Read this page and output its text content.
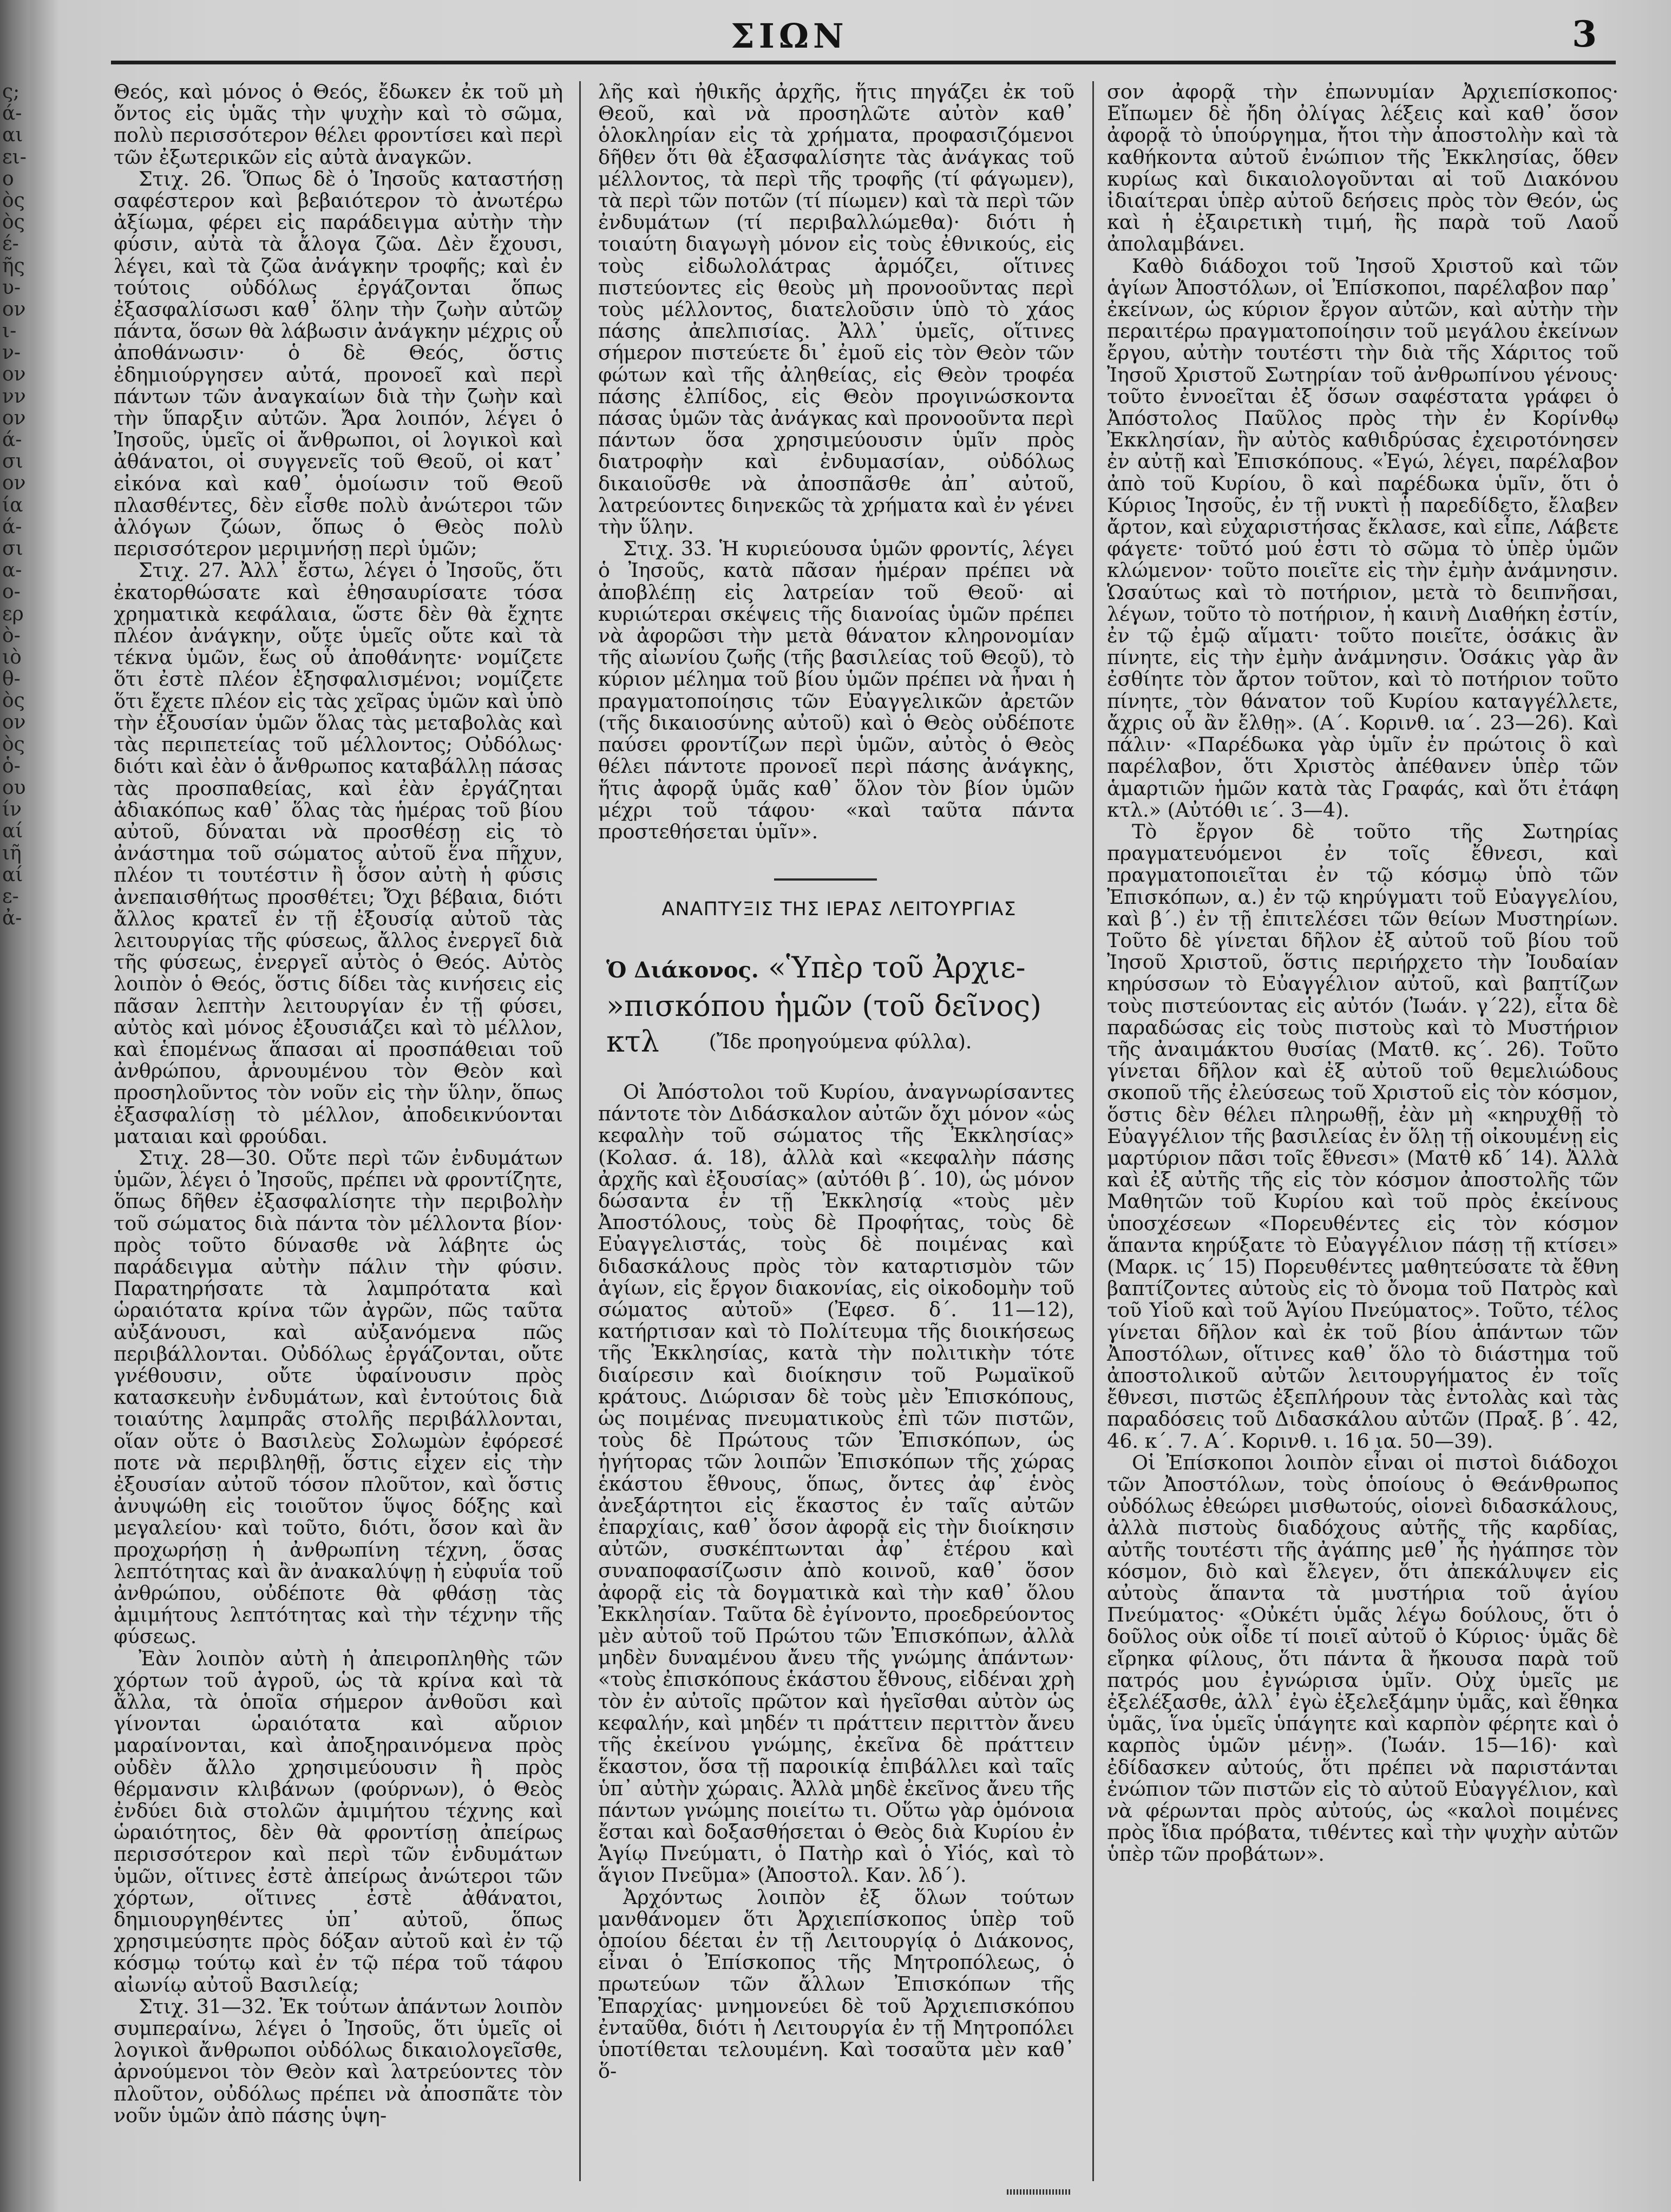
ς;
ά-
αι
ει-
ο
ὸς
ὸς
έ-
ῆς
υ-
ον
ι-
ν-
ον
νν
ον
ά-
σι
ον
ία
ά-
σι
α-
ο-
ερ
ὸ-
ιὸ
θ-
ὸς
ον
ὸς
ὁ-
ου
ίν
αί
ιῆ
αί
ε-
ἀ-
ΣΙΩΝ	3

Θεός, καὶ μόνος ὁ Θεός, ἔδωκεν ἐκ τοῦ μὴ ὄντος εἰς ὑμᾶς τὴν ψυχὴν καὶ τὸ σῶμα, πολὺ περισσότερον θέλει φροντίσει καὶ περὶ τῶν ἐξωτερικῶν εἰς αὐτὰ ἀναγκῶν.

Στιχ. 26. Ὅπως δὲ ὁ Ἰησοῦς καταστήσῃ σαφέστερον καὶ βεβαιότερον τὸ ἀνωτέρω ἀξίωμα, φέρει εἰς παράδειγμα αὐτὴν τὴν φύσιν, αὐτὰ τὰ ἄλογα ζῶα. Δὲν ἔχουσι, λέγει, καὶ τὰ ζῶα ἀνάγκην τροφῆς; καὶ ἐν τούτοις οὐδόλως ἐργάζονται ὅπως ἐξασφαλίσωσι καθ᾿ ὅλην τὴν ζωὴν αὐτῶν πάντα, ὅσων θὰ λάβωσιν ἀνάγκην μέχρις οὗ ἀποθάνωσιν· ὁ δὲ Θεός, ὅστις ἐδημιούργησεν αὐτά, προνοεῖ καὶ περὶ πάντων τῶν ἀναγκαίων διὰ τὴν ζωὴν καὶ τὴν ὕπαρξιν αὐτῶν. Ἄρα λοιπόν, λέγει ὁ Ἰησοῦς, ὑμεῖς οἱ ἄνθρωποι, οἱ λογικοὶ καὶ ἀθάνατοι, οἱ συγγενεῖς τοῦ Θεοῦ, οἱ κατ᾿ εἰκόνα καὶ καθ᾿ ὁμοίωσιν τοῦ Θεοῦ πλασθέντες, δὲν εἶσθε πολὺ ἀνώτεροι τῶν ἀλόγων ζώων, ὅπως ὁ Θεὸς πολὺ περισσότερον μεριμνήσῃ περὶ ὑμῶν;

Στιχ. 27. Ἀλλ᾿ ἔστω, λέγει ὁ Ἰησοῦς, ὅτι ἐκατορθώσατε καὶ ἐθησαυρίσατε τόσα χρηματικὰ κεφάλαια, ὥστε δὲν θὰ ἔχητε πλέον ἀνάγκην, οὔτε ὑμεῖς οὔτε καὶ τὰ τέκνα ὑμῶν, ἕως οὗ ἀποθάνητε· νομίζετε ὅτι ἐστὲ πλέον ἐξησφαλισμένοι; νομίζετε ὅτι ἔχετε πλέον εἰς τὰς χεῖρας ὑμῶν καὶ ὑπὸ τὴν ἐξουσίαν ὑμῶν ὅλας τὰς μεταβολὰς καὶ τὰς περιπετείας τοῦ μέλλοντος; Οὐδόλως· διότι καὶ ἐὰν ὁ ἄνθρωπος καταβάλλῃ πάσας τὰς προσπαθείας, καὶ ἐὰν ἐργάζηται ἀδιακόπως καθ᾿ ὅλας τὰς ἡμέρας τοῦ βίου αὐτοῦ, δύναται νὰ προσθέσῃ εἰς τὸ ἀνάστημα τοῦ σώματος αὐτοῦ ἕνα πῆχυν, πλέον τι τουτέστιν ἢ ὅσον αὐτὴ ἡ φύσις ἀνεπαισθήτως προσθέτει; Ὄχι βέβαια, διότι ἄλλος κρατεῖ ἐν τῇ ἐξουσίᾳ αὐτοῦ τὰς λειτουργίας τῆς φύσεως, ἄλλος ἐνεργεῖ διὰ τῆς φύσεως, ἐνεργεῖ αὐτὸς ὁ Θεός. Αὐτὸς λοιπὸν ὁ Θεός, ὅστις δίδει τὰς κινήσεις εἰς πᾶσαν λεπτὴν λειτουργίαν ἐν τῇ φύσει, αὐτὸς καὶ μόνος ἐξουσιάζει καὶ τὸ μέλλον, καὶ ἑπομένως ἅπασαι αἱ προσπάθειαι τοῦ ἀνθρώπου, ἀρνουμένου τὸν Θεὸν καὶ προσηλοῦντος τὸν νοῦν εἰς τὴν ὕλην, ὅπως ἐξασφαλίσῃ τὸ μέλλον, ἀποδεικνύονται ματαιαι καὶ φρούδαι.

Στιχ. 28—30. Οὔτε περὶ τῶν ἐνδυμάτων ὑμῶν, λέγει ὁ Ἰησοῦς, πρέπει νὰ φροντίζητε, ὅπως δῆθεν ἐξασφαλίσητε τὴν περιβολὴν τοῦ σώματος διὰ πάντα τὸν μέλλοντα βίον· πρὸς τοῦτο δύνασθε νὰ λάβητε ὡς παράδειγμα αὐτὴν πάλιν τὴν φύσιν. Παρατηρήσατε τὰ λαμπρότατα καὶ ὡραιότατα κρίνα τῶν ἀγρῶν, πῶς ταῦτα αὐξάνουσι, καὶ αὐξανόμενα πῶς περιβάλλονται. Οὐδόλως ἐργάζονται, οὔτε γνέθουσιν, οὔτε ὑφαίνουσιν πρὸς κατασκευὴν ἐνδυμάτων, καὶ ἐντούτοις διὰ τοιαύτης λαμπρᾶς στολῆς περιβάλλονται, οἵαν οὔτε ὁ Βασιλεὺς Σολωμὼν ἐφόρεσέ ποτε νὰ περιβληθῇ, ὅστις εἶχεν εἰς τὴν ἐξουσίαν αὐτοῦ τόσον πλοῦτον, καὶ ὅστις ἀνυψώθη εἰς τοιοῦτον ὕψος δόξης καὶ μεγαλείου· καὶ τοῦτο, διότι, ὅσον καὶ ἂν προχωρήσῃ ἡ ἀνθρωπίνη τέχνη, ὅσας λεπτότητας καὶ ἂν ἀνακαλύψῃ ἡ εὐφυΐα τοῦ ἀνθρώπου, οὐδέποτε θὰ φθάσῃ τὰς ἀμιμήτους λεπτότητας καὶ τὴν τέχνην τῆς φύσεως.

Ἐὰν λοιπὸν αὐτὴ ἡ ἀπειροπληθὴς τῶν χόρτων τοῦ ἀγροῦ, ὡς τὰ κρίνα καὶ τὰ ἄλλα, τὰ ὁποῖα σήμερον ἀνθοῦσι καὶ γίνονται ὡραιότατα καὶ αὔριον μαραίνονται, καὶ ἀποξηραινόμενα πρὸς οὐδὲν ἄλλο χρησιμεύουσιν ἢ πρὸς θέρμανσιν κλιβάνων (φούρνων), ὁ Θεὸς ἐνδύει διὰ στολῶν ἀμιμήτου τέχνης καὶ ὡραιότητος, δὲν θὰ φροντίσῃ ἀπείρως περισσότερον καὶ περὶ τῶν ἐνδυμάτων ὑμῶν, οἵτινες ἐστὲ ἀπείρως ἀνώτεροι τῶν χόρτων, οἵτινες ἐστὲ ἀθάνατοι, δημιουργηθέντες ὑπ᾿ αὐτοῦ, ὅπως χρησιμεύσητε πρὸς δόξαν αὐτοῦ καὶ ἐν τῷ κόσμῳ τούτῳ καὶ ἐν τῷ πέρα τοῦ τάφου αἰωνίῳ αὐτοῦ Βασιλείᾳ;

Στιχ. 31—32. Ἐκ τούτων ἁπάντων λοιπὸν συμπεραίνω, λέγει ὁ Ἰησοῦς, ὅτι ὑμεῖς οἱ λογικοὶ ἄνθρωποι οὐδόλως δικαιολογεῖσθε, ἀρνούμενοι τὸν Θεὸν καὶ λατρεύοντες τὸν πλοῦτον, οὐδόλως πρέπει νὰ ἀποσπᾶτε τὸν νοῦν ὑμῶν ἀπὸ πάσης ὑψη-

λῆς καὶ ἠθικῆς ἀρχῆς, ἥτις πηγάζει ἐκ τοῦ Θεοῦ, καὶ νὰ προσηλῶτε αὐτὸν καθ᾿ ὁλοκληρίαν εἰς τὰ χρήματα, προφασιζόμενοι δῆθεν ὅτι θὰ ἐξασφαλίσητε τὰς ἀνάγκας τοῦ μέλλοντος, τὰ περὶ τῆς τροφῆς (τί φάγωμεν), τὰ περὶ τῶν ποτῶν (τί πίωμεν) καὶ τὰ περὶ τῶν ἐνδυμάτων (τί περιβαλλώμεθα)· διότι ἡ τοιαύτη διαγωγὴ μόνον εἰς τοὺς ἐθνικούς, εἰς τοὺς εἰδωλολάτρας ἁρμόζει, οἵτινες πιστεύοντες εἰς θεοὺς μὴ προνοοῦντας περὶ τοὺς μέλλοντος, διατελοῦσιν ὑπὸ τὸ χάος πάσης ἀπελπισίας. Ἀλλ᾿ ὑμεῖς, οἵτινες σήμερον πιστεύετε δι᾿ ἐμοῦ εἰς τὸν Θεὸν τῶν φώτων καὶ τῆς ἀληθείας, εἰς Θεὸν τροφέα πάσης ἐλπίδος, εἰς Θεὸν προγινώσκοντα πάσας ὑμῶν τὰς ἀνάγκας καὶ προνοοῦντα περὶ πάντων ὅσα χρησιμεύουσιν ὑμῖν πρὸς διατροφὴν καὶ ἐνδυμασίαν, οὐδόλως δικαιοῦσθε νὰ ἀποσπᾶσθε ἀπ᾿ αὐτοῦ, λατρεύοντες διηνεκῶς τὰ χρήματα καὶ ἐν γένει τὴν ὕλην.

Στιχ. 33. Ἡ κυριεύουσα ὑμῶν φροντίς, λέγει ὁ Ἰησοῦς, κατὰ πᾶσαν ἡμέραν πρέπει νὰ ἀποβλέπῃ εἰς λατρείαν τοῦ Θεοῦ· αἱ κυριώτεραι σκέψεις τῆς διανοίας ὑμῶν πρέπει νὰ ἀφορῶσι τὴν μετὰ θάνατον κληρονομίαν τῆς αἰωνίου ζωῆς (τῆς βασιλείας τοῦ Θεοῦ), τὸ κύριον μέλημα τοῦ βίου ὑμῶν πρέπει νὰ ἦναι ἡ πραγματοποίησις τῶν Εὐαγγελικῶν ἀρετῶν (τῆς δικαιοσύνης αὐτοῦ) καὶ ὁ Θεὸς οὐδέποτε παύσει φροντίζων περὶ ὑμῶν, αὐτὸς ὁ Θεὸς θέλει πάντοτε προνοεῖ περὶ πάσης ἀνάγκης, ἥτις ἀφορᾷ ὑμᾶς καθ᾿ ὅλον τὸν βίον ὑμῶν μέχρι τοῦ τάφου· «καὶ ταῦτα πάντα προστεθήσεται ὑμῖν».

ΑΝΑΠΤΥΞΙΣ ΤΗΣ ΙΕΡΑΣ ΛΕΙΤΟΥΡΓΙΑΣ
Ὁ Διάκονος. «Ὑπὲρ τοῦ Ἀρχιε- »πισκόπου ἡμῶν (τοῦ δεῖνος) κτλ	(Ἴδε προηγούμενα φύλλα).

Οἱ Ἀπόστολοι τοῦ Κυρίου, ἀναγνωρίσαντες πάντοτε τὸν Διδάσκαλον αὐτῶν ὄχι μόνον «ὡς κεφαλὴν τοῦ σώματος τῆς Ἐκκλησίας» (Κολασ. ά. 18), ἀλλὰ καὶ «κεφαλὴν πάσης ἀρχῆς καὶ ἐξουσίας» (αὐτόθι β΄. 10), ὡς μόνον δώσαντα ἐν τῇ Ἐκκλησίᾳ «τοὺς μὲν Ἀποστόλους, τοὺς δὲ Προφήτας, τοὺς δὲ Εὐαγγελιστάς, τοὺς δὲ ποιμένας καὶ διδασκάλους πρὸς τὸν καταρτισμὸν τῶν ἁγίων, εἰς ἔργον διακονίας, εἰς οἰκοδομὴν τοῦ σώματος αὐτοῦ» (Ἐφεσ. δ΄. 11—12), κατήρτισαν καὶ τὸ Πολίτευμα τῆς διοικήσεως τῆς Ἐκκλησίας, κατὰ τὴν πολιτικὴν τότε διαίρεσιν καὶ διοίκησιν τοῦ Ρωμαϊκοῦ κράτους. Διώρισαν δὲ τοὺς μὲν Ἐπισκόπους, ὡς ποιμένας πνευματικοὺς ἐπὶ τῶν πιστῶν, τοὺς δὲ Πρώτους τῶν Ἐπισκόπων, ὡς ἡγήτορας τῶν λοιπῶν Ἐπισκόπων τῆς χώρας ἑκάστου ἔθνους, ὅπως, ὄντες ἀφ᾿ ἑνὸς ἀνεξάρτητοι εἰς ἕκαστος ἐν ταῖς αὐτῶν ἐπαρχίαις, καθ᾿ ὅσον ἀφορᾷ εἰς τὴν διοίκησιν αὐτῶν, συσκέπτωνται ἀφ᾿ ἑτέρου καὶ συναποφασίζωσιν ἀπὸ κοινοῦ, καθ᾿ ὅσον ἀφορᾷ εἰς τὰ δογματικὰ καὶ τὴν καθ᾿ ὅλου Ἐκκλησίαν. Ταῦτα δὲ ἐγίνοντο, προεδρεύοντος μὲν αὐτοῦ τοῦ Πρώτου τῶν Ἐπισκόπων, ἀλλὰ μηδὲν δυναμένου ἄνευ τῆς γνώμης ἁπάντων· «τοὺς ἐπισκόπους ἑκάστου ἔθνους, εἰδέναι χρὴ τὸν ἐν αὐτοῖς πρῶτον καὶ ἡγεῖσθαι αὐτὸν ὡς κεφαλήν, καὶ μηδέν τι πράττειν περιττὸν ἄνευ τῆς ἐκείνου γνώμης, ἐκεῖνα δὲ πράττειν ἕκαστον, ὅσα τῇ παροικίᾳ ἐπιβάλλει καὶ ταῖς ὑπ᾿ αὐτὴν χώραις. Ἀλλὰ μηδὲ ἐκεῖνος ἄνευ τῆς πάντων γνώμης ποιείτω τι. Οὕτω γὰρ ὁμόνοια ἔσται καὶ δοξασθήσεται ὁ Θεὸς διὰ Κυρίου ἐν Ἁγίῳ Πνεύματι, ὁ Πατὴρ καὶ ὁ Υἱός, καὶ τὸ ἅγιον Πνεῦμα» (Ἀποστολ. Καν. λδ΄).

Ἀρχόντως λοιπὸν ἐξ ὅλων τούτων μανθάνομεν ὅτι Ἀρχιεπίσκοπος ὑπὲρ τοῦ ὁποίου δέεται ἐν τῇ Λειτουργίᾳ ὁ Διάκονος, εἶναι ὁ Ἐπίσκοπος τῆς Μητροπόλεως, ὁ πρωτεύων τῶν ἄλλων Ἐπισκόπων τῆς Ἐπαρχίας· μνημονεύει δὲ τοῦ Ἀρχιεπισκόπου ἐνταῦθα, διότι ἡ Λειτουργία ἐν τῇ Μητροπόλει ὑποτίθεται τελουμένη. Καὶ τοσαῦτα μὲν καθ᾿ ὅ-

σον ἀφορᾷ τὴν ἐπωνυμίαν Ἀρχιεπίσκοπος· Εἴπωμεν δὲ ἤδη ὀλίγας λέξεις καὶ καθ᾿ ὅσον ἀφορᾷ τὸ ὑπούργημα, ἤτοι τὴν ἀποστολὴν καὶ τὰ καθήκοντα αὐτοῦ ἐνώπιον τῆς Ἐκκλησίας, ὅθεν κυρίως καὶ δικαιολογοῦνται αἱ τοῦ Διακόνου ἰδιαίτεραι ὑπὲρ αὐτοῦ δεήσεις πρὸς τὸν Θεόν, ὡς καὶ ἡ ἐξαιρετικὴ τιμή, ἣς παρὰ τοῦ Λαοῦ ἀπολαμβάνει.

Καθὸ διάδοχοι τοῦ Ἰησοῦ Χριστοῦ καὶ τῶν ἁγίων Ἀποστόλων, οἱ Ἐπίσκοποι, παρέλαβον παρ᾿ ἐκείνων, ὡς κύριον ἔργον αὐτῶν, καὶ αὐτὴν τὴν περαιτέρω πραγματοποίησιν τοῦ μεγάλου ἐκείνων ἔργου, αὐτὴν τουτέστι τὴν διὰ τῆς Χάριτος τοῦ Ἰησοῦ Χριστοῦ Σωτηρίαν τοῦ ἀνθρωπίνου γένους· τοῦτο ἐννοεῖται ἐξ ὅσων σαφέστατα γράφει ὁ Ἀπόστολος Παῦλος πρὸς τὴν ἐν Κορίνθῳ Ἐκκλησίαν, ἣν αὐτὸς καθιδρύσας ἐχειροτόνησεν ἐν αὐτῇ καὶ Ἐπισκόπους. «Ἐγώ, λέγει, παρέλαβον ἀπὸ τοῦ Κυρίου, ὃ καὶ παρέδωκα ὑμῖν, ὅτι ὁ Κύριος Ἰησοῦς, ἐν τῇ νυκτὶ ᾗ παρεδίδετο, ἔλαβεν ἄρτον, καὶ εὐχαριστήσας ἔκλασε, καὶ εἶπε, Λάβετε φάγετε· τοῦτό μού ἐστι τὸ σῶμα τὸ ὑπὲρ ὑμῶν κλώμενον· τοῦτο ποιεῖτε εἰς τὴν ἐμὴν ἀνάμνησιν. Ὡσαύτως καὶ τὸ ποτήριον, μετὰ τὸ δειπνῆσαι, λέγων, τοῦτο τὸ ποτήριον, ἡ καινὴ Διαθήκη ἐστίν, ἐν τῷ ἐμῷ αἵματι· τοῦτο ποιεῖτε, ὁσάκις ἂν πίνητε, εἰς τὴν ἐμὴν ἀνάμνησιν. Ὁσάκις γὰρ ἂν ἐσθίητε τὸν ἄρτον τοῦτον, καὶ τὸ ποτήριον τοῦτο πίνητε, τὸν θάνατον τοῦ Κυρίου καταγγέλλετε, ἄχρις οὗ ἂν ἔλθῃ». (Α΄. Κορινθ. ια΄. 23—26). Καὶ πάλιν· «Παρέδωκα γὰρ ὑμῖν ἐν πρώτοις ὃ καὶ παρέλαβον, ὅτι Χριστὸς ἀπέθανεν ὑπὲρ τῶν ἁμαρτιῶν ἡμῶν κατὰ τὰς Γραφάς, καὶ ὅτι ἐτάφη κτλ.» (Αὐτόθι ιε΄. 3—4).

Τὸ ἔργον δὲ τοῦτο τῆς Σωτηρίας πραγματευόμενοι ἐν τοῖς ἔθνεσι, καὶ πραγματοποιεῖται ἐν τῷ κόσμῳ ὑπὸ τῶν Ἐπισκόπων, α.) ἐν τῷ κηρύγματι τοῦ Εὐαγγελίου, καὶ β΄.) ἐν τῇ ἐπιτελέσει τῶν θείων Μυστηρίων. Τοῦτο δὲ γίνεται δῆλον ἐξ αὐτοῦ τοῦ βίου τοῦ Ἰησοῦ Χριστοῦ, ὅστις περιήρχετο τὴν Ἰουδαίαν κηρύσσων τὸ Εὐαγγέλιον αὐτοῦ, καὶ βαπτίζων τοὺς πιστεύοντας εἰς αὐτόν (Ἰωάν. γ΄22), εἶτα δὲ παραδώσας εἰς τοὺς πιστοὺς καὶ τὸ Μυστήριον τῆς ἀναιμάκτου θυσίας (Ματθ. κς΄. 26). Τοῦτο γίνεται δῆλον καὶ ἐξ αὐτοῦ τοῦ θεμελιώδους σκοποῦ τῆς ἐλεύσεως τοῦ Χριστοῦ εἰς τὸν κόσμον, ὅστις δὲν θέλει πληρωθῇ, ἐὰν μὴ «κηρυχθῇ τὸ Εὐαγγέλιον τῆς βασιλείας ἐν ὅλῃ τῇ οἰκουμένῃ εἰς μαρτύριον πᾶσι τοῖς ἔθνεσι» (Ματθ κδ΄ 14). Ἀλλὰ καὶ ἐξ αὐτῆς τῆς εἰς τὸν κόσμον ἀποστολῆς τῶν Μαθητῶν τοῦ Κυρίου καὶ τοῦ πρὸς ἐκείνους ὑποσχέσεων «Πορευθέντες εἰς τὸν κόσμον ἅπαντα κηρύξατε τὸ Εὐαγγέλιον πάσῃ τῇ κτίσει» (Μαρκ. ις΄ 15) Πορευθέντες μαθητεύσατε τὰ ἔθνη βαπτίζοντες αὐτοὺς εἰς τὸ ὄνομα τοῦ Πατρὸς καὶ τοῦ Υἱοῦ καὶ τοῦ Ἁγίου Πνεύματος». Τοῦτο, τέλος γίνεται δῆλον καὶ ἐκ τοῦ βίου ἁπάντων τῶν Ἀποστόλων, οἵτινες καθ᾿ ὅλο τὸ διάστημα τοῦ ἀποστολικοῦ αὐτῶν λειτουργήματος ἐν τοῖς ἔθνεσι, πιστῶς ἐξεπλήρουν τὰς ἐντολὰς καὶ τὰς παραδόσεις τοῦ Διδασκάλου αὐτῶν (Πραξ. β΄. 42, 46. κ΄. 7. Α΄. Κορινθ. ι. 16 ια. 50—39).

Οἱ Ἐπίσκοποι λοιπὸν εἶναι οἱ πιστοὶ διάδοχοι τῶν Ἀποστόλων, τοὺς ὁποίους ὁ Θεάνθρωπος οὐδόλως ἐθεώρει μισθωτούς, οἱονεὶ διδασκάλους, ἀλλὰ πιστοὺς διαδόχους αὐτῆς τῆς καρδίας, αὐτῆς τουτέστι τῆς ἀγάπης μεθ᾿ ἧς ἠγάπησε τὸν κόσμον, διὸ καὶ ἔλεγεν, ὅτι ἀπεκάλυψεν εἰς αὐτοὺς ἅπαντα τὰ μυστήρια τοῦ ἁγίου Πνεύματος· «Οὐκέτι ὑμᾶς λέγω δούλους, ὅτι ὁ δοῦλος οὐκ οἶδε τί ποιεῖ αὐτοῦ ὁ Κύριος· ὑμᾶς δὲ εἴρηκα φίλους, ὅτι πάντα ἃ ἤκουσα παρὰ τοῦ πατρός μου ἐγνώρισα ὑμῖν. Οὐχ ὑμεῖς με ἐξελέξασθε, ἀλλ᾿ ἐγὼ ἐξελεξάμην ὑμᾶς, καὶ ἔθηκα ὑμᾶς, ἵνα ὑμεῖς ὑπάγητε καὶ καρπὸν φέρητε καὶ ὁ καρπὸς ὑμῶν μένῃ». (Ἰωάν. 15—16)· καὶ ἐδίδασκεν αὐτούς, ὅτι πρέπει νὰ παριστάνται ἐνώπιον τῶν πιστῶν εἰς τὸ αὐτοῦ Εὐαγγέλιον, καὶ νὰ φέρωνται πρὸς αὐτούς, ὡς «καλοὶ ποιμένες πρὸς ἴδια πρόβατα, τιθέντες καὶ τὴν ψυχὴν αὐτῶν ὑπὲρ τῶν προβάτων».
